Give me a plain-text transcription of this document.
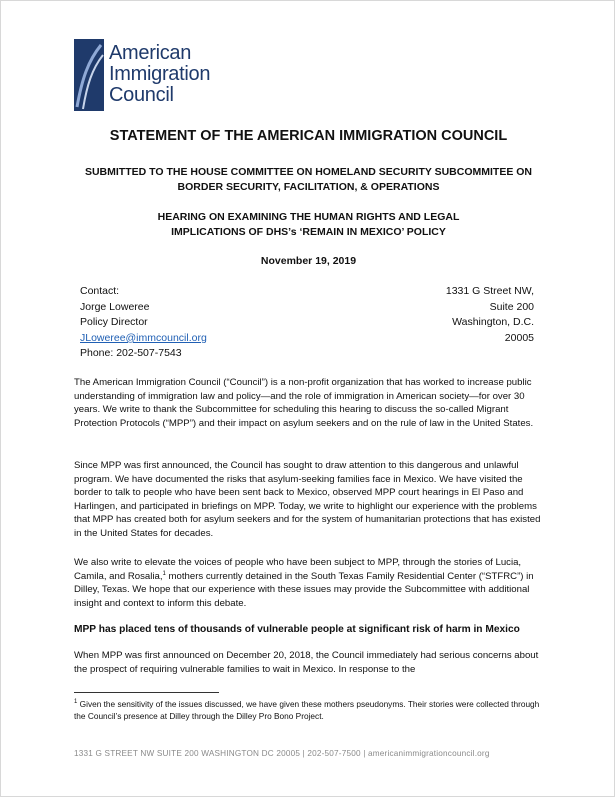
American
Immigration
Council
STATEMENT OF THE AMERICAN IMMIGRATION COUNCIL
SUBMITTED TO THE HOUSE COMMITTEE ON HOMELAND SECURITY SUBCOMMITEE ON
BORDER SECURITY, FACILITATION, & OPERATIONS
HEARING ON EXAMINING THE HUMAN RIGHTS AND LEGAL
IMPLICATIONS OF DHS’s ‘REMAIN IN MEXICO’ POLICY
November 19, 2019
Contact:
Jorge Loweree
Policy Director
JLoweree@immcouncil.org
Phone: 202-507-7543
1331 G Street NW,
Suite 200
Washington, D.C.
20005

The American Immigration Council (“Council”) is a non-profit organization that has worked to increase public understanding of immigration law and policy—and the role of immigration in American society—for over 30 years. We write to thank the Subcommittee for scheduling this hearing to discuss the so-called Migrant Protection Protocols (“MPP”) and their impact on asylum seekers and on the rule of law in the United States.

Since MPP was first announced, the Council has sought to draw attention to this dangerous and unlawful program. We have documented the risks that asylum-seeking families face in Mexico. We have visited the border to talk to people who have been sent back to Mexico, observed MPP court hearings in El Paso and Harlingen, and participated in briefings on MPP. Today, we write to highlight our experience with the problems that MPP has created both for asylum seekers and for the system of humanitarian protections that has existed in the United States for decades.

We also write to elevate the voices of people who have been subject to MPP, through the stories of Lucia, Camila, and Rosalia,$^1$ mothers currently detained in the South Texas Family Residential Center (“STFRC”) in Dilley, Texas. We hope that our experience with these issues may provide the Subcommittee with additional insight and context to inform this debate.

MPP has placed tens of thousands of vulnerable people at significant risk of harm in Mexico

When MPP was first announced on December 20, 2018, the Council immediately had serious concerns about the prospect of requiring vulnerable families to wait in Mexico. In response to the

$^1$ Given the sensitivity of the issues discussed, we have given these mothers pseudonyms. Their stories were collected through the Council’s presence at Dilley through the Dilley Pro Bono Project.

1331 G STREET NW SUITE 200 WASHINGTON DC 20005 | 202-507-7500 | americanimmigrationcouncil.org
